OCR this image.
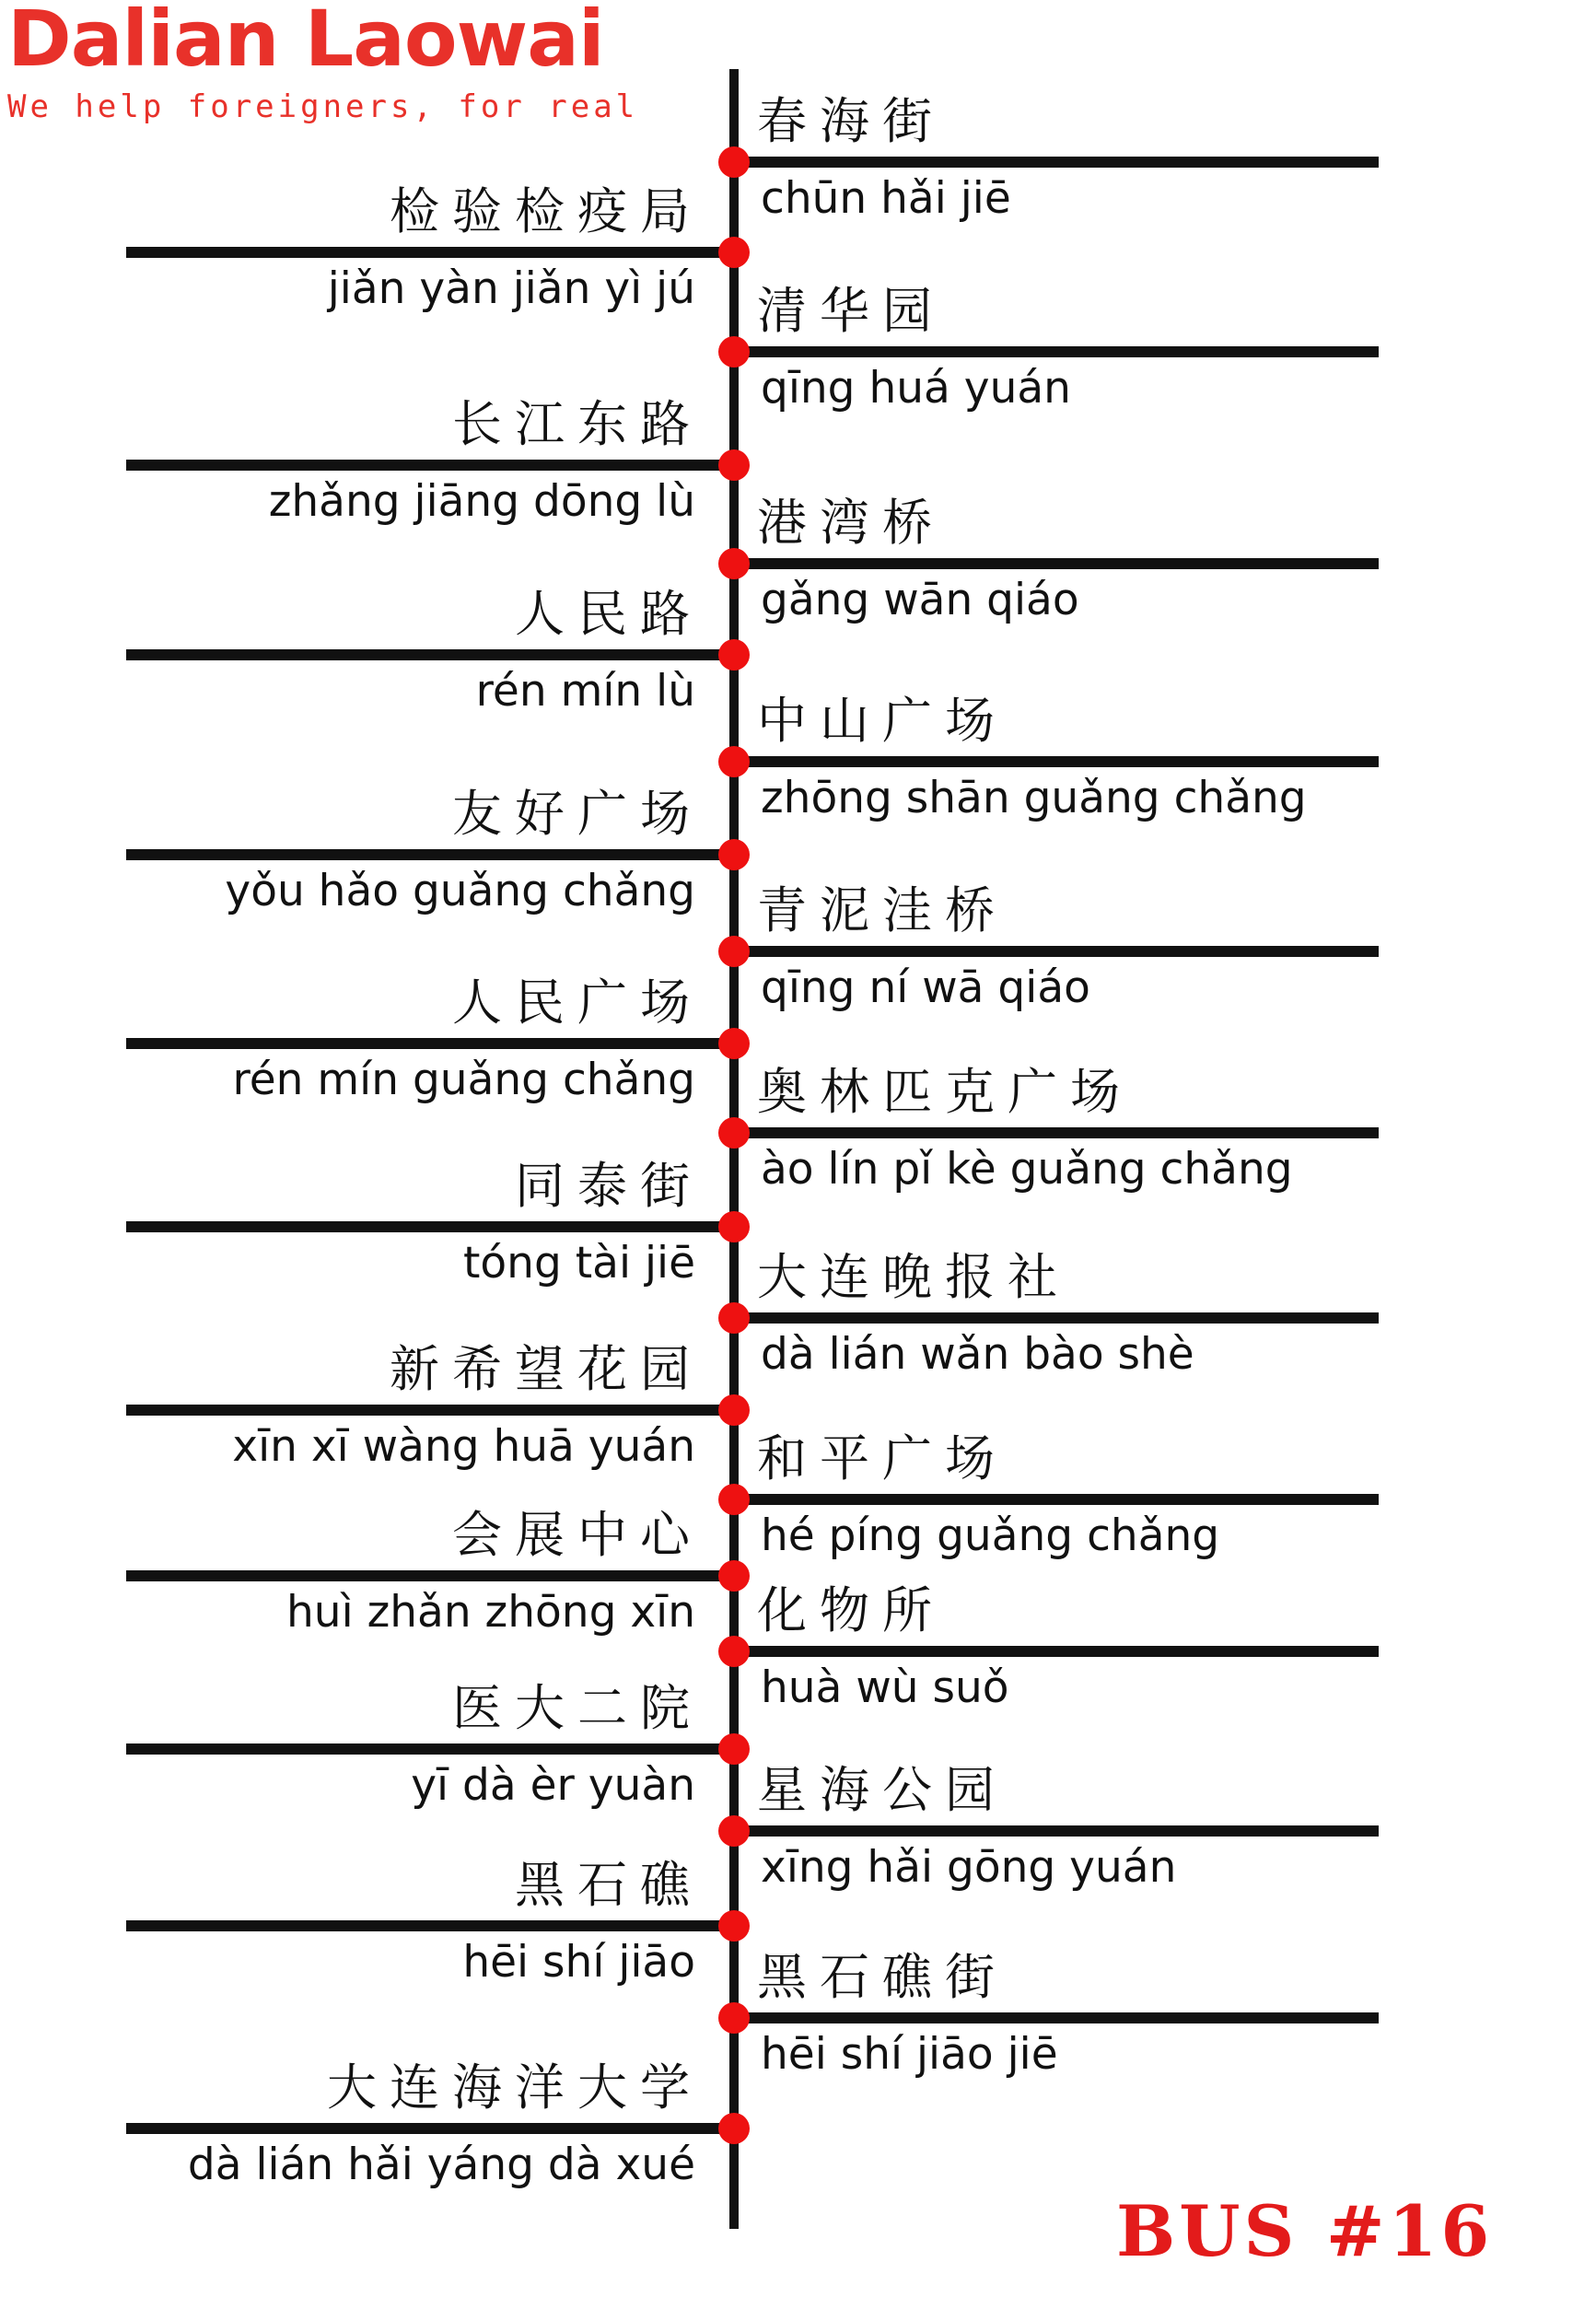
Dalian Laowai
We help foreigners, for real
检验检疫局
jiǎn yàn jiǎn yì jú
长江东路
zhǎng jiāng dōng lù
人民路
rén mín lù
友好广场
yǒu hǎo guǎng chǎng
人民广场
rén mín guǎng chǎng
同泰街
tóng tài jiē
新希望花园
xīn xī wàng huā yuán
会展中心
huì zhǎn zhōng xīn
医大二院
yī dà èr yuàn
黑石礁
hēi shí jiāo
大连海洋大学
dà lián hǎi yáng dà xué
春海街
chūn hǎi jiē
清华园
qīng huá yuán
港湾桥
gǎng wān qiáo
中山广场
zhōng shān guǎng chǎng
青泥洼桥
qīng ní wā qiáo
奥林匹克广场
ào lín pǐ kè guǎng chǎng
大连晚报社
dà lián wǎn bào shè
和平广场
hé píng guǎng chǎng
化物所
huà wù suǒ
星海公园
xīng hǎi gōng yuán
黑石礁街
hēi shí jiāo jiē
BUS #16
